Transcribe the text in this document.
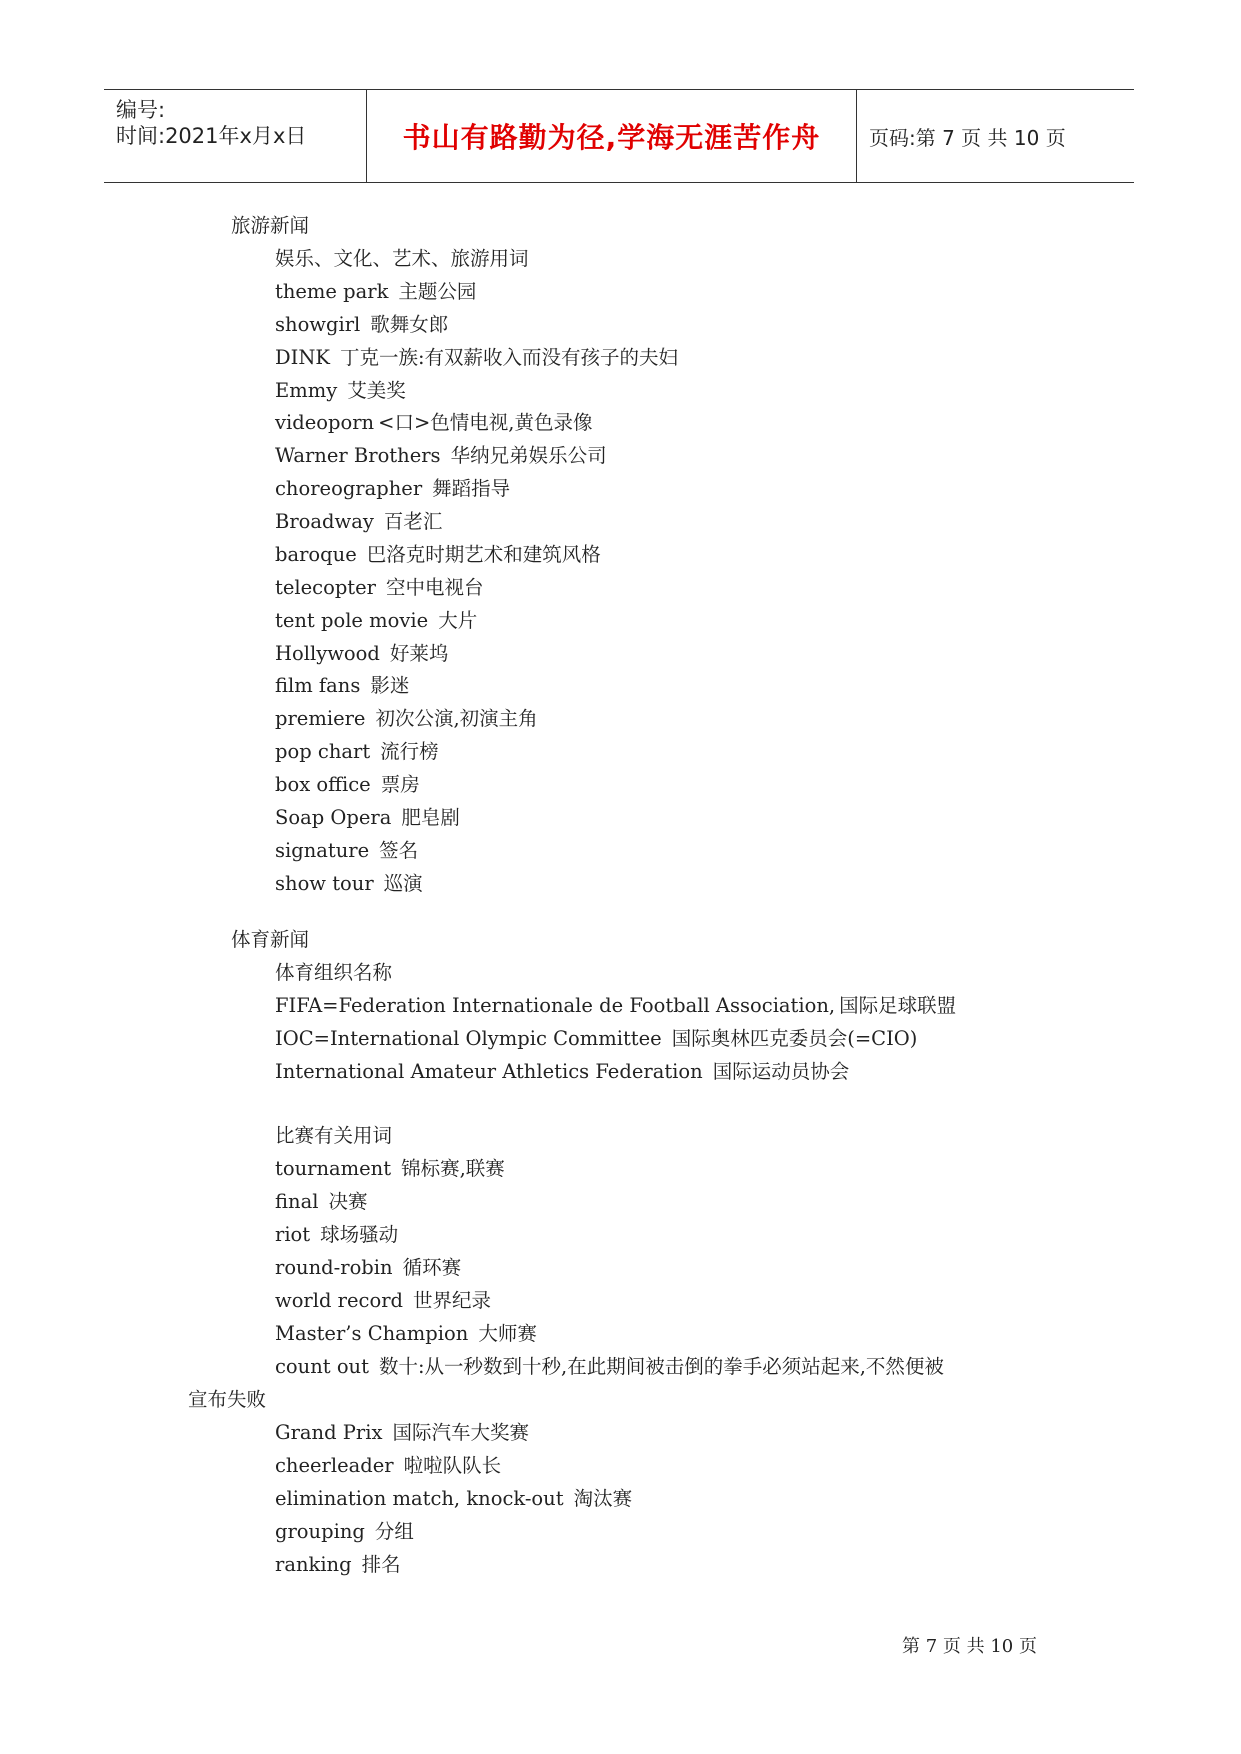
编号:
时间:2021年x月x日	书山有路勤为径,学海无涯苦作舟 页码:第 7 页 共 10 页
旅游新闻
娱乐、文化、艺术、旅游用词
theme park 主题公园
showgirl 歌舞女郎
DINK 丁克一族:有双薪收入而没有孩子的夫妇
Emmy 艾美奖
videoporn <口>色情电视,黄色录像
Warner Brothers 华纳兄弟娱乐公司
choreographer 舞蹈指导
Broadway 百老汇
baroque 巴洛克时期艺术和建筑风格
telecopter 空中电视台
tent pole movie 大片
Hollywood 好莱坞
film fans 影迷
premiere 初次公演,初演主角
pop chart 流行榜
box office 票房
Soap Opera 肥皂剧
signature 签名
show tour 巡演
体育新闻
体育组织名称
FIFA=Federation Internationale de Football Association, 国际足球联盟
IOC=International Olympic Committee 国际奥林匹克委员会(=CIO)
International Amateur Athletics Federation 国际运动员协会
比赛有关用词
tournament 锦标赛,联赛
final 决赛
riot 球场骚动
round-robin 循环赛
world record 世界纪录
Master’s Champion 大师赛
count out 数十:从一秒数到十秒,在此期间被击倒的拳手必须站起来,不然便被
宣布失败
Grand Prix 国际汽车大奖赛
cheerleader 啦啦队队长
elimination match, knock-out 淘汰赛
grouping 分组
ranking 排名
第 7 页 共 10 页
